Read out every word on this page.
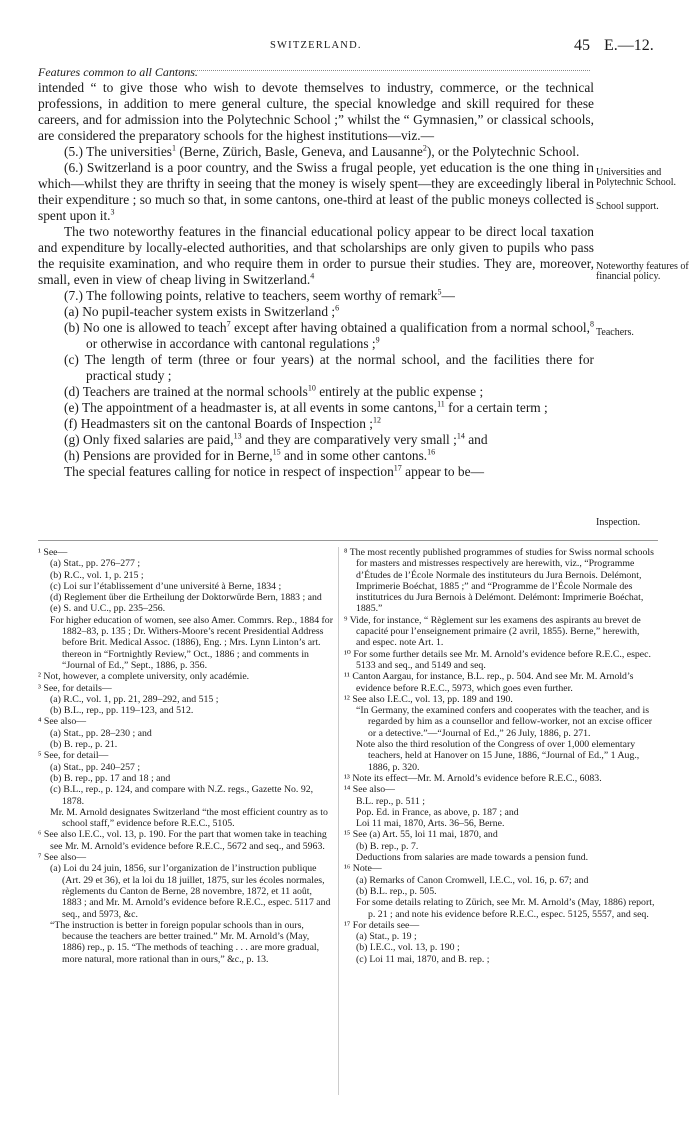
SWITZERLAND.	45 E.—12.
Features common to all Cantons.

intended “ to give those who wish to devote themselves to industry, commerce, or the technical professions, in addition to mere general culture, the special knowledge and skill required for these careers, and for admission into the Polytechnic School ;” whilst the “ Gymnasien,” or classical schools, are considered the preparatory schools for the highest institutions—viz.—

(5.) The universities$^1$ (Berne, Zürich, Basle, Geneva, and Lausanne$^2$), or the Polytechnic School.

(6.) Switzerland is a poor country, and the Swiss a frugal people, yet education is the one thing in which—whilst they are thrifty in seeing that the money is wisely spent—they are exceedingly liberal in their expenditure ; so much so that, in some cantons, one-third at least of the public moneys collected is spent upon it.$^3$

The two noteworthy features in the financial educational policy appear to be direct local taxation and expenditure by locally-elected authorities, and that scholarships are only given to pupils who pass the requisite examination, and who require them in order to pursue their studies. They are, moreover, small, even in view of cheap living in Switzerland.$^4$

(7.) The following points, relative to teachers, seem worthy of remark$^5$—

(a) No pupil-teacher system exists in Switzerland ;$^6$

(b) No one is allowed to teach$^7$ except after having obtained a qualification from a normal school,$^8$ or otherwise in accordance with cantonal regulations ;$^9$

(c) The length of term (three or four years) at the normal school, and the facilities there for practical study ;

(d) Teachers are trained at the normal schools$^{10}$ entirely at the public expense ;

(e) The appointment of a headmaster is, at all events in some cantons,$^{11}$ for a certain term ;

(f) Headmasters sit on the cantonal Boards of Inspection ;$^{12}$

(g) Only fixed salaries are paid,$^{13}$ and they are comparatively very small ;$^{14}$ and

(h) Pensions are provided for in Berne,$^{15}$ and in some other cantons.$^{16}$

The special features calling for notice in respect of inspection$^{17}$ appear to be—

Universities and Polytechnic School.
School support.
Noteworthy features of financial policy.
Teachers.
Inspection.

¹ See—

(a) Stat., pp. 276–277 ;

(b) R.C., vol. 1, p. 215 ;

(c) Loi sur l’établissement d’une université à Berne, 1834 ;

(d) Reglement über die Ertheilung der Doktorwürde Bern, 1883 ; and

(e) S. and U.C., pp. 235–256.

For higher education of women, see also Amer. Commrs. Rep., 1884 for 1882–83, p. 135 ; Dr. Withers-Moore’s recent Presidential Address before Brit. Medical Assoc. (1886), Eng. ; Mrs. Lynn Linton’s art. thereon in “Fortnightly Review,” Oct., 1886 ; and comments in “Journal of Ed.,” Sept., 1886, p. 356.

² Not, however, a complete university, only académie.

³ See, for details—

(a) R.C., vol. 1, pp. 21, 289–292, and 515 ;

(b) B.L., rep., pp. 119–123, and 512.

⁴ See also—

(a) Stat., pp. 28–230 ; and

(b) B. rep., p. 21.

⁵ See, for detail—

(a) Stat., pp. 240–257 ;

(b) B. rep., pp. 17 and 18 ; and

(c) B.L., rep., p. 124, and compare with N.Z. regs., Gazette No. 92, 1878.

Mr. M. Arnold designates Switzerland “the most efficient country as to school staff,” evidence before R.E.C., 5105.

⁶ See also I.E.C., vol. 13, p. 190. For the part that women take in teaching see Mr. M. Arnold’s evidence before R.E.C., 5672 and seq., and 5963.

⁷ See also—

(a) Loi du 24 juin, 1856, sur l’organization de l’instruction publique (Art. 29 et 36), et la loi du 18 juillet, 1875, sur les écoles normales, règlements du Canton de Berne, 28 novembre, 1872, et 11 août, 1883 ; and Mr. M. Arnold’s evidence before R.E.C., espec. 5117 and seq., and 5973, &c.

“The instruction is better in foreign popular schools than in ours, because the teachers are better trained.” Mr. M. Arnold’s (May, 1886) rep., p. 15. “The methods of teaching . . . are more gradual, more natural, more rational than in ours,” &c., p. 13.

⁸ The most recently published programmes of studies for Swiss normal schools for masters and mistresses respectively are herewith, viz., “Programme d’Études de l’École Normale des instituteurs du Jura Bernois. Delémont, Imprimerie Boéchat, 1885 ;” and “Programme de l’École Normale des institutrices du Jura Bernois à Delémont. Delémont: Imprimerie Boéchat, 1885.”

⁹ Vide, for instance, “ Règlement sur les examens des aspirants au brevet de capacité pour l’enseignement primaire (2 avril, 1855). Berne,” herewith, and espec. note Art. 1.

¹⁰ For some further details see Mr. M. Arnold’s evidence before R.E.C., espec. 5133 and seq., and 5149 and seq.

¹¹ Canton Aargau, for instance, B.L. rep., p. 504. And see Mr. M. Arnold’s evidence before R.E.C., 5973, which goes even further.

¹² See also I.E.C., vol. 13, pp. 189 and 190.

“In Germany, the examined confers and cooperates with the teacher, and is regarded by him as a counsellor and fellow-worker, not an excise officer or a detective.”—“Journal of Ed.,” 26 July, 1886, p. 271.

Note also the third resolution of the Congress of over 1,000 elementary teachers, held at Hanover on 15 June, 1886, “Journal of Ed.,” 1 Aug., 1886, p. 320.

¹³ Note its effect—Mr. M. Arnold’s evidence before R.E.C., 6083.

¹⁴ See also—

B.L. rep., p. 511 ;

Pop. Ed. in France, as above, p. 187 ; and

Loi 11 mai, 1870, Arts. 36–56, Berne.

¹⁵ See (a) Art. 55, loi 11 mai, 1870, and

(b) B. rep., p. 7.

Deductions from salaries are made towards a pension fund.

¹⁶ Note—

(a) Remarks of Canon Cromwell, I.E.C., vol. 16, p. 67; and

(b) B.L. rep., p. 505.

For some details relating to Zürich, see Mr. M. Arnold’s (May, 1886) report, p. 21 ; and note his evidence before R.E.C., espec. 5125, 5557, and seq.

¹⁷ For details see—

(a) Stat., p. 19 ;

(b) I.E.C., vol. 13, p. 190 ;

(c) Loi 11 mai, 1870, and B. rep. ;
